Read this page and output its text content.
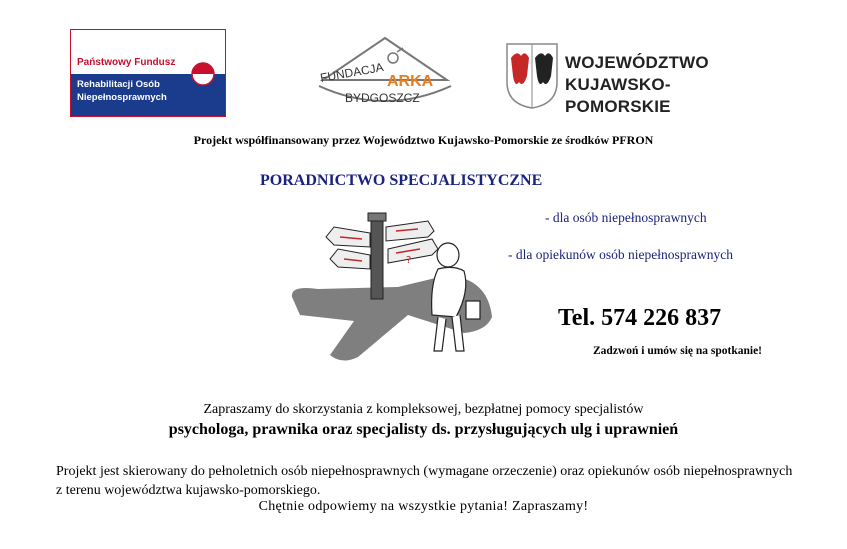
Państwowy Fundusz
Rehabilitacji Osób
Niepełnosprawnych
FUNDACJA ARKA
BYDGOSZCZ
WOJEWÓDZTWO
KUJAWSKO-POMORSKIE
Projekt współfinansowany przez Województwo Kujawsko-Pomorskie ze środków PFRON
PORADNICTWO SPECJALISTYCZNE
- dla osób niepełnosprawnych
- dla opiekunów osób niepełnosprawnych
?
Tel. 574 226 837
Zadzwoń i umów się na spotkanie!
Zapraszamy do skorzystania z kompleksowej, bezpłatnej pomocy specjalistów
psychologa, prawnika oraz specjalisty ds. przysługujących ulg i uprawnień
Projekt jest skierowany do pełnoletnich osób niepełnosprawnych (wymagane orzeczenie) oraz opiekunów osób niepełnosprawnych z terenu województwa kujawsko-pomorskiego.
Chętnie odpowiemy na wszystkie pytania! Zapraszamy!
